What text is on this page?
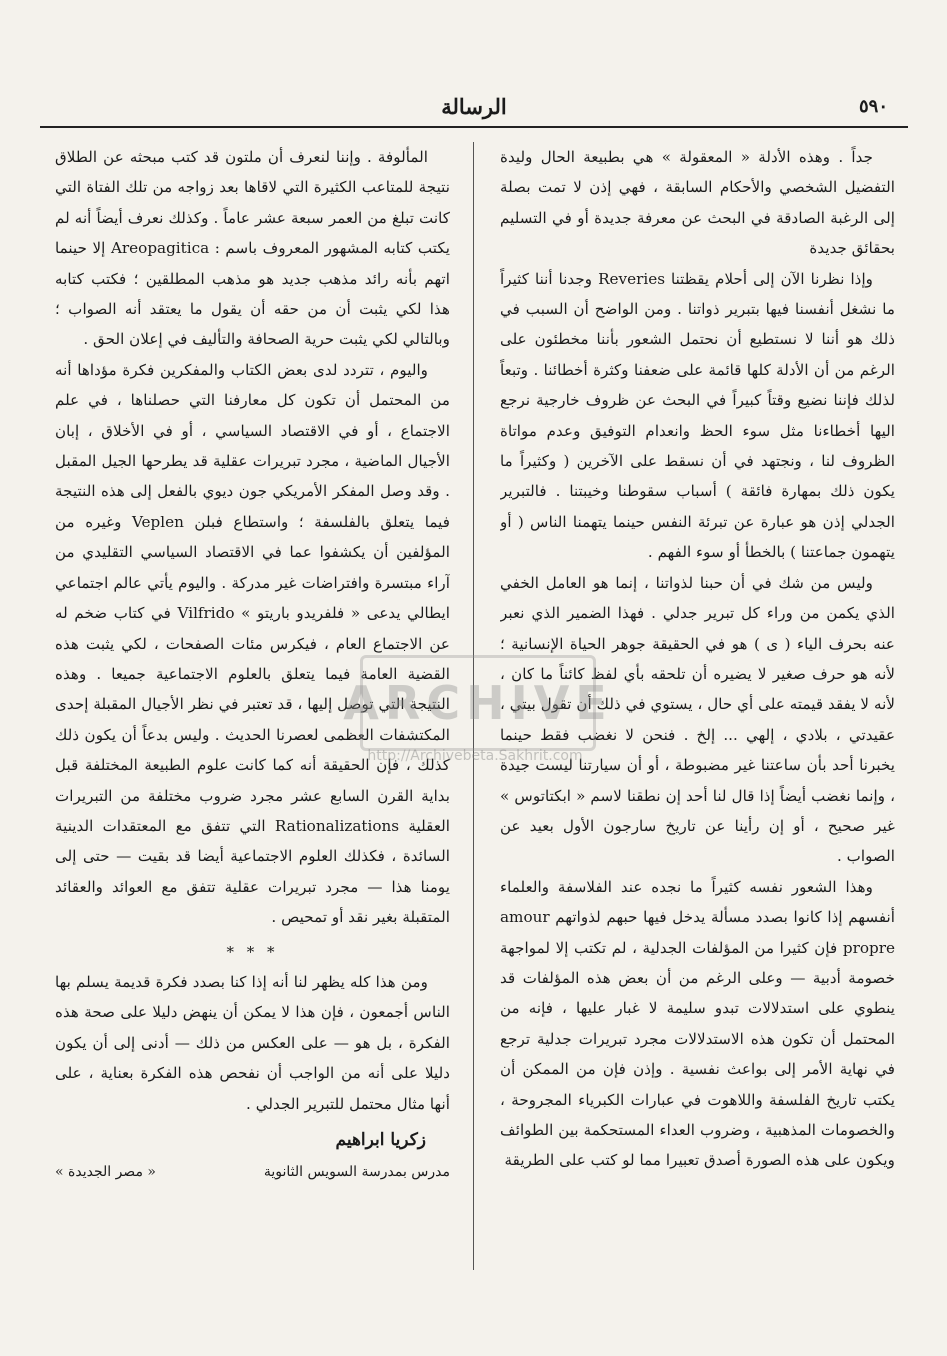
٥٩٠
الرسالة

جداً . وهذه الأدلة « المعقولة » هي بطبيعة الحال وليدة التفضيل الشخصي والأحكام السابقة ، فهي إذن لا تمت بصلة إلى الرغبة الصادقة في البحث عن معرفة جديدة أو في التسليم بحقائق جديدة

وإذا نظرنا الآن إلى أحلام يقظتنا Reveries وجدنا أننا كثيراً ما نشغل أنفسنا فيها بتبرير ذواتنا . ومن الواضح أن السبب في ذلك هو أننا لا نستطيع أن نحتمل الشعور بأننا مخطئون على الرغم من أن الأدلة كلها قائمة على ضعفنا وكثرة أخطائنا . وتبعاً لذلك فإننا نضيع وقتاً كبيراً في البحث عن ظروف خارجية نرجع اليها أخطاءنا مثل سوء الحظ وانعدام التوفيق وعدم مواتاة الظروف لنا ، ونجتهد في أن نسقط على الآخرين ( وكثيراً ما يكون ذلك بمهارة فائقة ) أسباب سقوطنا وخيبتنا . فالتبرير الجدلي إذن هو عبارة عن تبرئة النفس حينما يتهمنا الناس ( أو يتهمون جماعتنا ) بالخطأ أو سوء الفهم .

وليس من شك في أن حبنا لذواتنا ، إنما هو العامل الخفي الذي يكمن من وراء كل تبرير جدلي . فهذا الضمير الذي نعبر عنه بحرف الياء ( ى ) هو في الحقيقة جوهر الحياة الإنسانية ؛ لأنه هو حرف صغير لا يضيره أن تلحقه بأي لفظ كائناً ما كان ، لأنه لا يفقد قيمته على أي حال ، يستوي في ذلك أن تقول بيتي ، عقيدتي ، بلادي ، إلهي ... إلخ . فنحن لا نغضب فقط حينما يخبرنا أحد بأن ساعتنا غير مضبوطة ، أو أن سيارتنا ليست جيدة ، وإنما نغضب أيضاً إذا قال لنا أحد إن نطقنا لاسم « ابكتاتوس » غير صحيح ، أو إن رأينا عن تاريخ سارجون الأول بعيد عن الصواب .

وهذا الشعور نفسه كثيراً ما نجده عند الفلاسفة والعلماء أنفسهم إذا كانوا بصدد مسألة يدخل فيها حبهم لذواتهم amour propre فإن كثيرا من المؤلفات الجدلية ، لم تكتب إلا لمواجهة خصومة أدبية — وعلى الرغم من أن بعض هذه المؤلفات قد ينطوي على استدلالات تبدو سليمة لا غبار عليها ، فإنه من المحتمل أن تكون هذه الاستدلالات مجرد تبريرات جدلية ترجع في نهاية الأمر إلى بواعث نفسية . وإذن فإن من الممكن أن يكتب تاريخ الفلسفة واللاهوت في عبارات الكبرياء المجروحة ، والخصومات المذهبية ، وضروب العداء المستحكمة بين الطوائف ويكون على هذه الصورة أصدق تعبيرا مما لو كتب على الطريقة

المألوفة . وإننا لنعرف أن ملتون قد كتب مبحثه عن الطلاق نتيجة للمتاعب الكثيرة التي لاقاها بعد زواجه من تلك الفتاة التي كانت تبلغ من العمر سبعة عشر عاماً . وكذلك نعرف أيضاً أنه لم يكتب كتابه المشهور المعروف باسم : Areopagitica إلا حينما اتهم بأنه رائد مذهب جديد هو مذهب المطلقين ؛ فكتب كتابه هذا لكي يثبت أن من حقه أن يقول ما يعتقد أنه الصواب ؛ وبالتالي لكي يثبت حرية الصحافة والتأليف في إعلان الحق .

واليوم ، تتردد لدى بعض الكتاب والمفكرين فكرة مؤداها أنه من المحتمل أن تكون كل معارفنا التي حصلناها ، في علم الاجتماع ، أو في الاقتصاد السياسي ، أو في الأخلاق ، إبان الأجيال الماضية ، مجرد تبريرات عقلية قد يطرحها الجيل المقبل . وقد وصل المفكر الأمريكي جون ديوي بالفعل إلى هذه النتيجة فيما يتعلق بالفلسفة ؛ واستطاع فبلن Veplen وغيره من المؤلفين أن يكشفوا عما في الاقتصاد السياسي التقليدي من آراء مبتسرة وافتراضات غير مدركة . واليوم يأتي عالم اجتماعي ايطالي يدعى « فلفريدو باريتو » Vilfrido في كتاب ضخم له عن الاجتماع العام ، فيكرس مئات الصفحات ، لكي يثبت هذه القضية العامة فيما يتعلق بالعلوم الاجتماعية جميعا . وهذه النتيجة التي توصل إليها ، قد تعتبر في نظر الأجيال المقبلة إحدى المكتشفات العظمى لعصرنا الحديث . وليس بدعاً أن يكون ذلك كذلك ، فإن الحقيقة أنه كما كانت علوم الطبيعة المختلفة قبل بداية القرن السابع عشر مجرد ضروب مختلفة من التبريرات العقلية Rationalizations التي تتفق مع المعتقدات الدينية السائدة ، فكذلك العلوم الاجتماعية أيضا قد بقيت — حتى إلى يومنا هذا — مجرد تبريرات عقلية تتفق مع العوائد والعقائد المتقبلة بغير نقد أو تمحيص .

* * *

ومن هذا كله يظهر لنا أنه إذا كنا بصدد فكرة قديمة يسلم بها الناس أجمعون ، فإن هذا لا يمكن أن ينهض دليلا على صحة هذه الفكرة ، بل هو — على العكس من ذلك — أدنى إلى أن يكون دليلا على أنه من الواجب أن نفحص هذه الفكرة بعناية ، على أنها مثال محتمل للتبرير الجدلي .

زكريا ابراهيم
مدرس بمدرسة السويس الثانوية
« مصر الجديدة »
ARCHIVE
http://Archivebeta.Sakhrit.com
